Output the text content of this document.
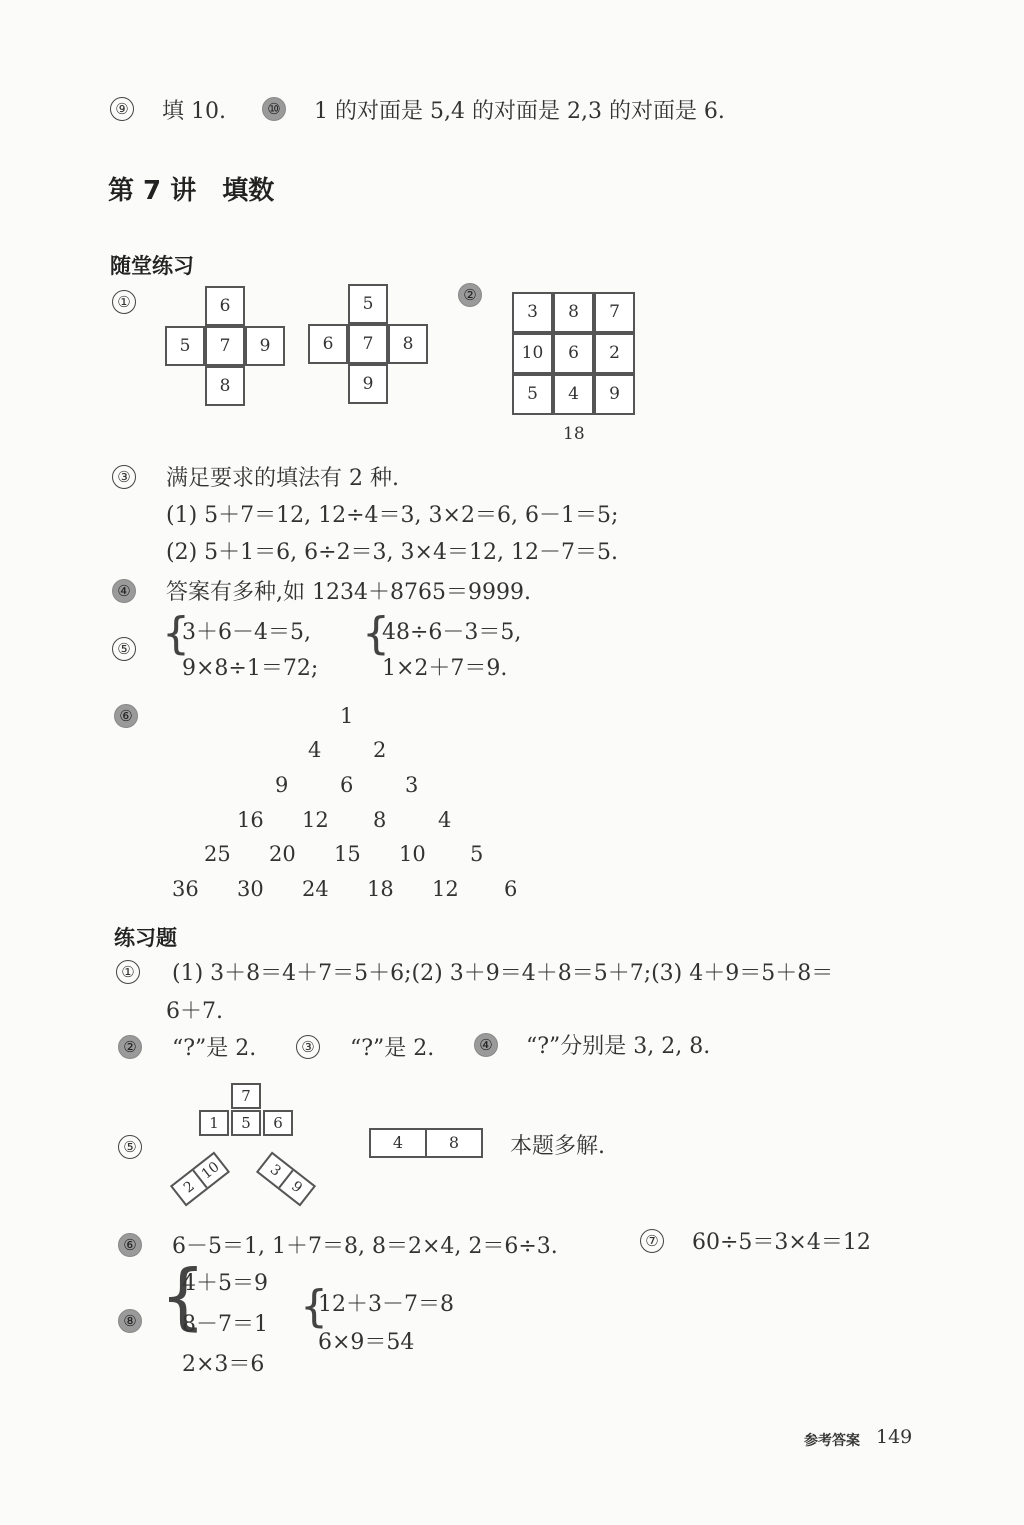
⑨ 填 10.	⑩ 1 的对面是 5,4 的对面是 2,3 的对面是 6.
第 7 讲　填数
随堂练习
①	6
5	7	9
8
5
6	7	8
9
②
3	8	7
10	6	2
5	4	9
18
③ 满足要求的填法有 2 种.
(1) 5＋7＝12, 12÷4＝3, 3×2＝6, 6－1＝5;
(2) 5＋1＝6, 6÷2＝3, 3×4＝12, 12－7＝5.
④ 答案有多种,如 1234＋8765＝9999.
⑤ {
3＋6－4＝5,
9×8÷1＝72;
{
48÷6－3＝5,
1×2＋7＝9.
⑥	1
4 2
9 6 3
16 12 8 4
25 20 15 10 5
36 30 24 18 12 6
练习题
① (1) 3＋8＝4＋7＝5＋6;(2) 3＋9＝4＋8＝5＋7;(3) 4＋9＝5＋8＝
6＋7.
② “?”是 2.	③ “?”是 2.	④ “?”分别是 3, 2, 8.
⑤
7
1	5	6
2
10	3
9
4	8	本题多解.
⑥ 6－5＝1, 1＋7＝8, 8＝2×4, 2＝6÷3.	⑦ 60÷5＝3×4＝12
⑧ {
4＋5＝9
8－7＝1
2×3＝6
{
12＋3－7＝8
6×9＝54
参考答案 149
